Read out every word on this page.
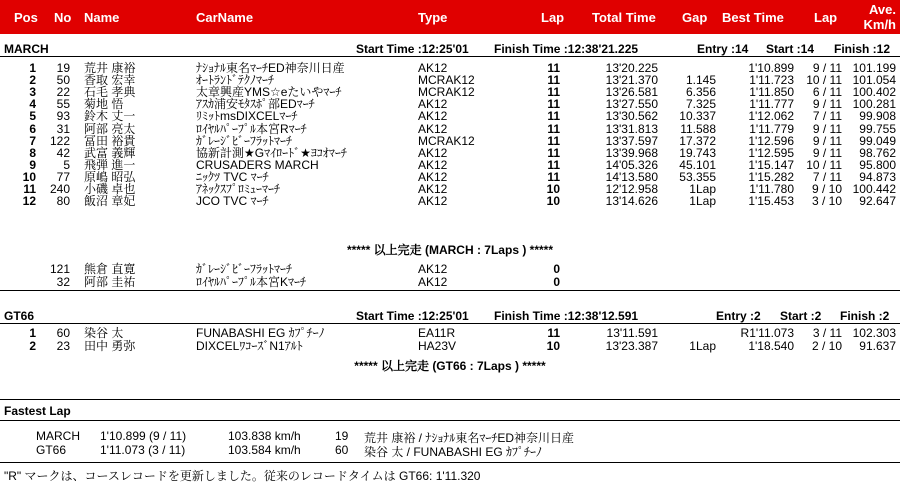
Pos No Name	CarName	Type	Lap Total Time Gap Best Time Lap
Ave.
Km/h
MARCH	Start Time :12:25'01 Finish Time :12:38'21.225	Entry :14 Start :14 Finish :12
1 19 荒井 康裕	ﾅｼｮﾅﾙ東名ﾏｰﾁED神奈川日産	AK12	11	13'20.225	1'10.899 9 / 11 101.199
2 50 香取 宏幸	ｵｰﾄﾗﾝﾄﾞﾃｸﾉﾏｰﾁ	MCRAK12	11	13'21.370 1.145	1'11.723 10 / 11 101.054
3 22 石毛 孝典	太章興産YMS☆eたいやﾏｰﾁ	MCRAK12	11	13'26.581 6.356	1'11.850 6 / 11 100.402
4 55 菊地 悟	ｱｽｶ浦安ﾓﾀｽﾎﾟ部EDﾏｰﾁ	AK12	11	13'27.550 7.325	1'11.777 9 / 11 100.281
5 93 鈴木 丈一	ﾘﾐｯﾄmsDIXCELﾏｰﾁ	AK12	11	13'30.562 10.337	1'12.062 7 / 11 99.908
6 31 阿部 亮太	ﾛｲﾔﾙﾊﾟｰﾌﾟﾙ本宮Rﾏｰﾁ	AK12	11	13'31.813 11.588	1'11.779 9 / 11 99.755
7 122 冨田 裕貴	ｶﾞﾚｰｼﾞﾋﾞｰﾌﾗｯﾄﾏｰﾁ	MCRAK12	11	13'37.597 17.372	1'12.596 9 / 11 99.049
8 42 武富 義輝	協新計測★Gﾏｲﾛｰﾄﾞ★ﾖｺｵﾏｰﾁ	AK12	11	13'39.968 19.743	1'12.595 9 / 11 98.762
9 5 飛弾 進一	CRUSADERS MARCH	AK12	11	14'05.326 45.101	1'15.147 10 / 11 95.800
10 77 原嶋 昭弘	ﾆｯｸﾂ TVC ﾏｰﾁ	AK12	11	14'13.580 53.355	1'15.282 7 / 11 94.873
11 240 小磯 卓也	ｱﾈｯｸｽﾌﾟﾛﾐｭｰﾏｰﾁ	AK12	10	12'12.958	1Lap	1'11.780 9 / 10 100.442
12 80 飯沼 章妃	JCO TVC ﾏｰﾁ	AK12	10	13'14.626	1Lap	1'15.453 3 / 10 92.647
***** 以上完走 (MARCH : 7Laps ) *****
121 熊倉 直寛	ｶﾞﾚｰｼﾞﾋﾞｰﾌﾗｯﾄﾏｰﾁ	AK12	0
32 阿部 圭祐	ﾛｲﾔﾙﾊﾟｰﾌﾟﾙ本宮Kﾏｰﾁ	AK12	0
GT66	Start Time :12:25'01 Finish Time :12:38'12.591	Entry :2 Start :2 Finish :2
1 60 染谷 太	FUNABASHI EG ｶﾌﾟﾁｰﾉ	EA11R	11	13'11.591	R1'11.073 3 / 11 102.303
2 23 田中 勇弥	DIXCELﾜｺｰｽﾞN1ｱﾙﾄ	HA23V	10	13'23.387	1Lap	1'18.540 2 / 10 91.637
***** 以上完走 (GT66 : 7Laps ) *****
Fastest Lap
MARCH 1'10.899 (9 / 11)	103.838 km/h	19 荒井 康裕 / ﾅｼｮﾅﾙ東名ﾏｰﾁED神奈川日産
GT66	1'11.073 (3 / 11)	103.584 km/h	60 染谷 太 / FUNABASHI EG ｶﾌﾟﾁｰﾉ
"R" マークは、コースレコードを更新しました。従来のレコードタイムは GT66: 1'11.320
